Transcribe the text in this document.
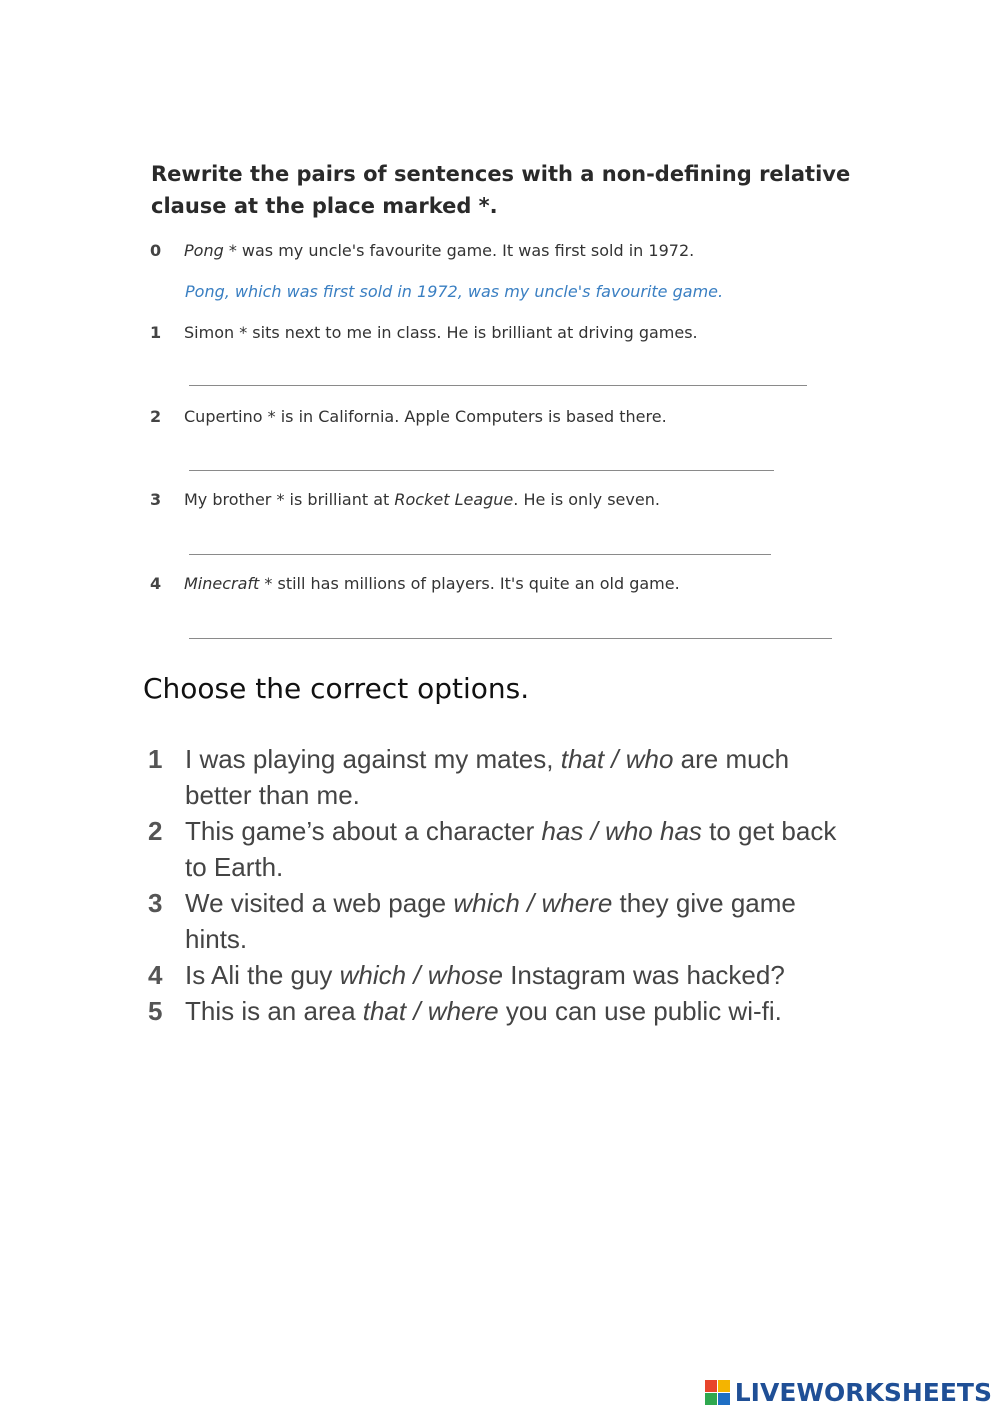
Rewrite the pairs of sentences with a non-defining relative clause at the place marked *.
0 Pong * was my uncle's favourite game. It was first sold in 1972.
Pong, which was first sold in 1972, was my uncle's favourite game.
1 Simon * sits next to me in class. He is brilliant at driving games.
2 Cupertino * is in California. Apple Computers is based there.
3 My brother * is brilliant at Rocket League. He is only seven.
4 Minecraft * still has millions of players. It's quite an old game.
Choose the correct options.
1 I was playing against my mates, that / who are much better than me.
2 This game’s about a character has / who has to get back to Earth.
3 We visited a web page which / where they give game hints.
4 Is Ali the guy which / whose Instagram was hacked?
5 This is an area that / where you can use public wi-fi.
LIVEWORKSHEETS
